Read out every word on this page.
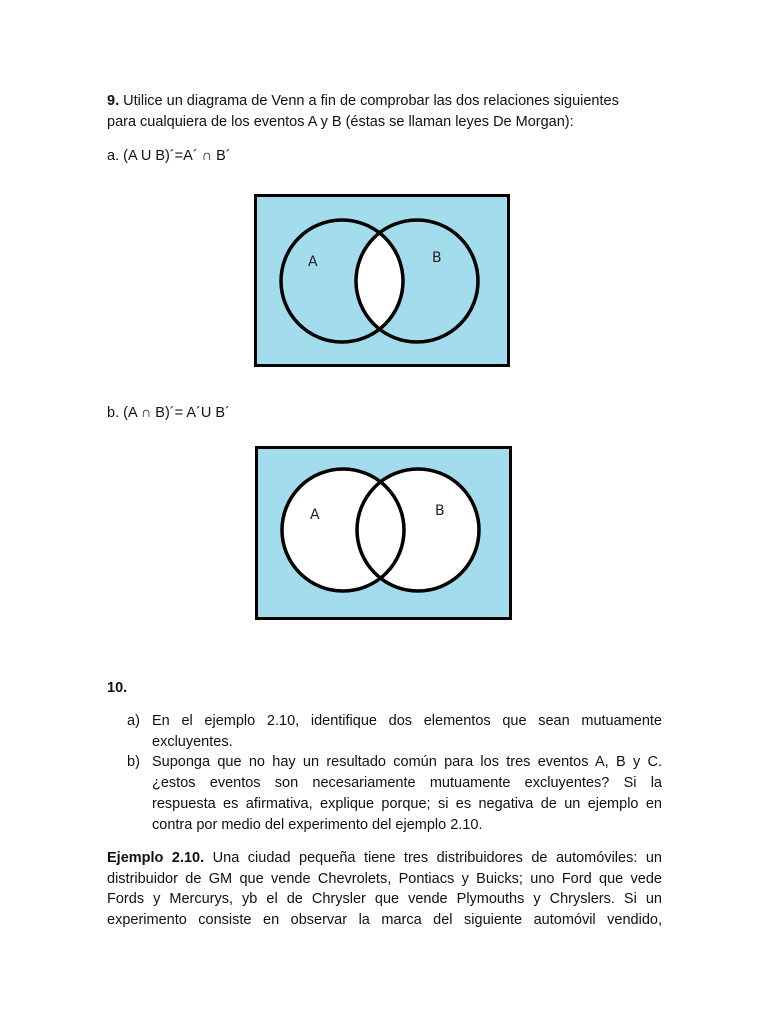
9. Utilice un diagrama de Venn a fin de comprobar las dos relaciones siguientes
para cualquiera de los eventos A y B (éstas se llaman leyes De Morgan):

a. (A U B)´=A´ ∩ B´

A	B

b. (A ∩ B)´= A´U B´

A	B

10.

a) En el ejemplo 2.10, identifique dos elementos que sean mutuamente
excluyentes.
b) Suponga que no hay un resultado común para los tres eventos A, B y C.
¿estos eventos son necesariamente mutuamente excluyentes? Si la
respuesta es afirmativa, explique porque; si es negativa de un ejemplo en
contra por medio del experimento del ejemplo 2.10.
Ejemplo 2.10. Una ciudad pequeña tiene tres distribuidores de automóviles: un
distribuidor de GM que vende Chevrolets, Pontiacs y Buicks; uno Ford que vede
Fords y Mercurys, yb el de Chrysler que vende Plymouths y Chryslers. Si un
experimento consiste en observar la marca del siguiente automóvil vendido,
